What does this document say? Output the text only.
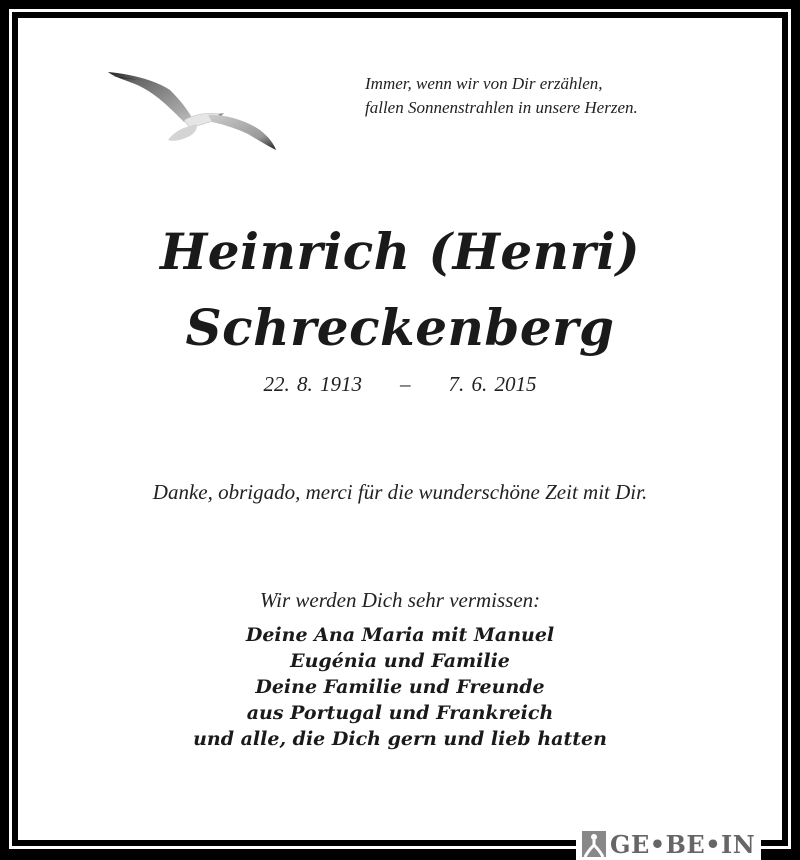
Immer, wenn wir von Dir erzählen,
fallen Sonnenstrahlen in unsere Herzen.
Heinrich (Henri)
Schreckenberg
22. 8. 1913 – 7. 6. 2015
Danke, obrigado, merci für die wunderschöne Zeit mit Dir.
Wir werden Dich sehr vermissen:
Deine Ana Maria mit Manuel
Eugénia und Familie
Deine Familie und Freunde
aus Portugal und Frankreich
und alle, die Dich gern und lieb hatten
GE•BE•IN
